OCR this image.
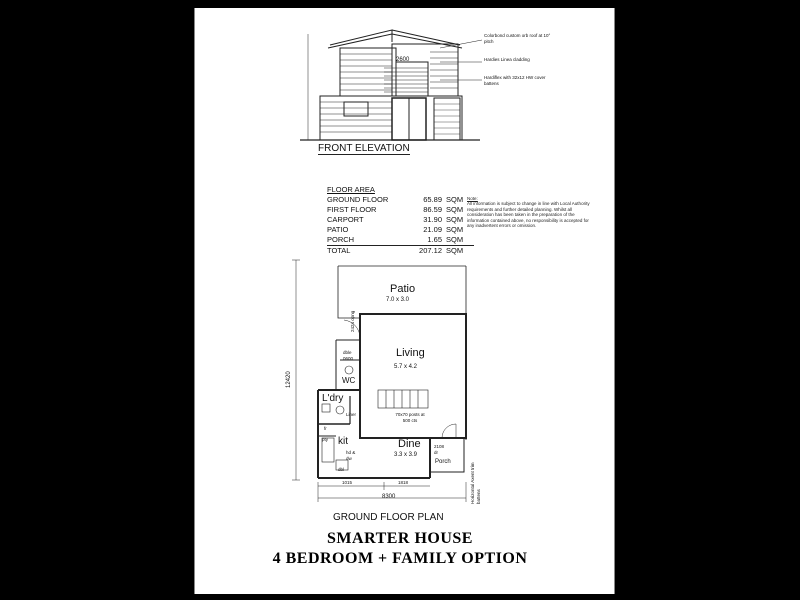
2600
Colorbond custom orb roof at 10° pitch
Hardies Linea cladding
Hardiflex with 32x12 HW cover battens
FRONT ELEVATION
FLOOR AREA
GROUND FLOOR	65.89 SQM
FIRST FLOOR	86.59 SQM
CARPORT	31.90 SQM
PATIO	21.09 SQM
PORCH	1.65 SQM
TOTAL	207.12 SQM
Note:
All information is subject to change in line with Local Authority requirements and further detailed planning. Whilst all consideration has been taken in the preparation of the information contained above, no responsibility is accepted for any inadvertent errors or omission.
Patio
7.0 x 3.0
Living
5.7 x 4.2
2424 opng
dble 0600
WC
L'dry
Liner
fr
pty kit
hd & dw
dbl
70x70 posts at 500 cts
Dine
3.3 x 3.9
2108 dr
Porch
12420
1015	1818
8300	Horizontal Axent trim battens
GROUND FLOOR PLAN
SMARTER HOUSE
4 BEDROOM + FAMILY OPTION
